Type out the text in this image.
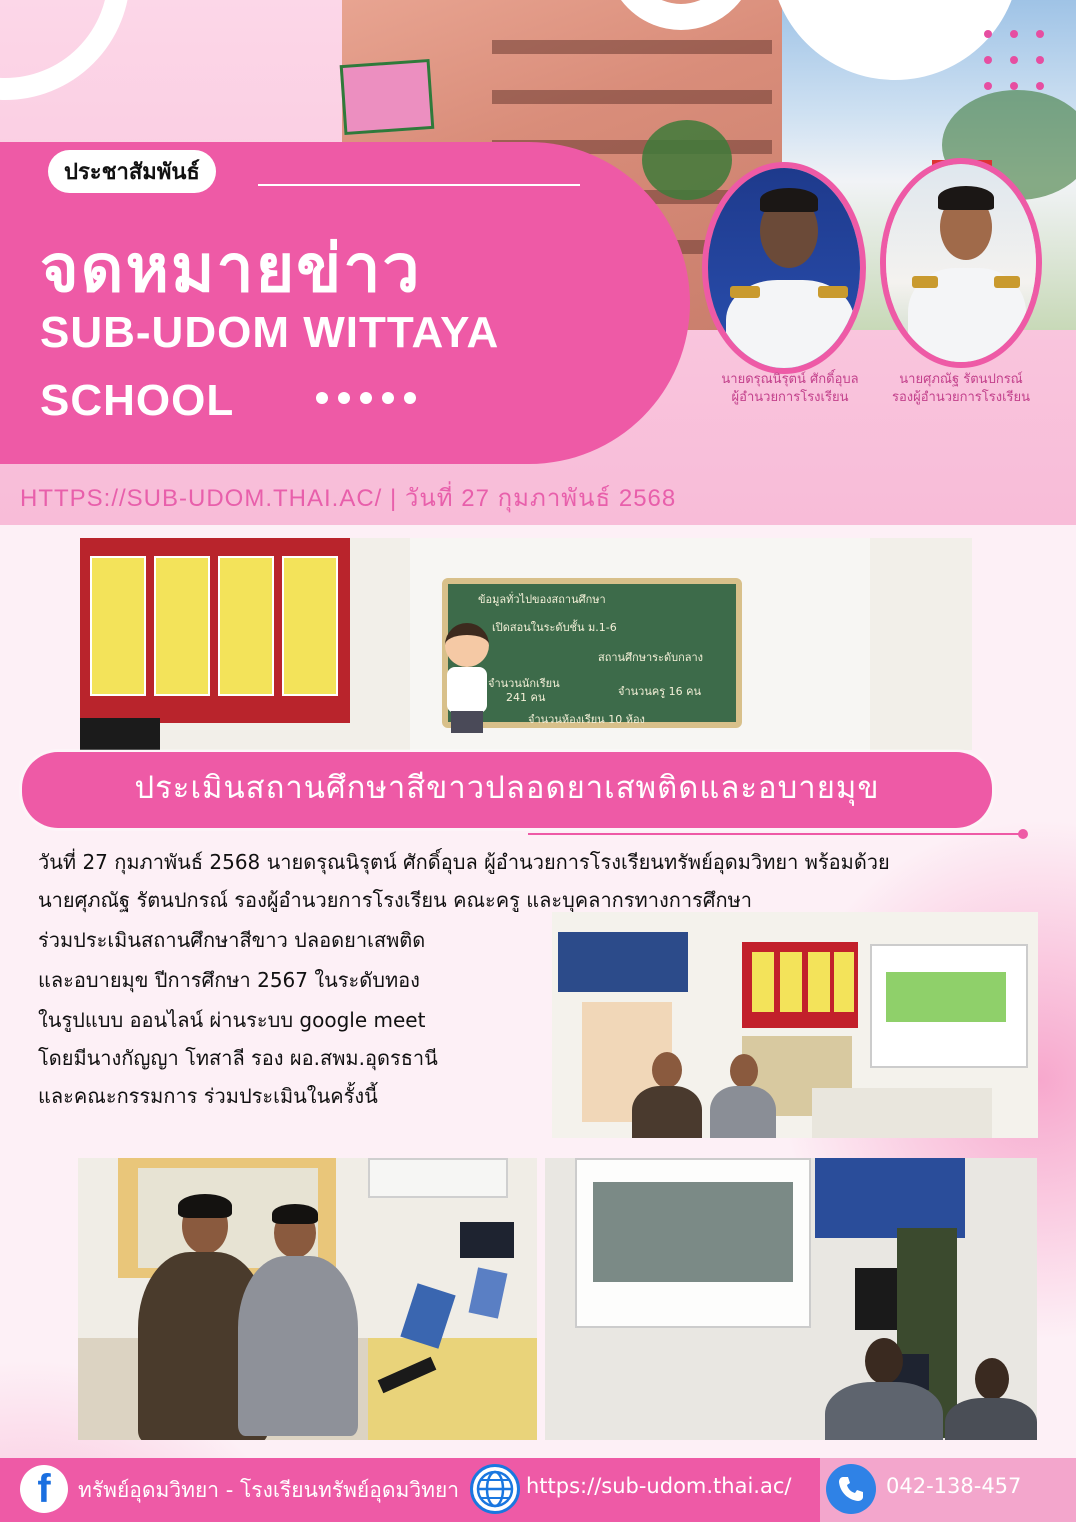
ประชาสัมพันธ์
จดหมายข่าว
SUB-UDOM WITTAYA
SCHOOL	นายดรุณนิรุตน์ ศักดิ์อุบล
ผู้อำนวยการโรงเรียน
นายศุภณัฐ รัตนปกรณ์
รองผู้อำนวยการโรงเรียน
HTTPS://SUB-UDOM.THAI.AC/ | วันที่ 27 กุมภาพันธ์ 2568
ข้อมูลทั่วไปของสถานศึกษา
เปิดสอนในระดับชั้น ม.1-6
สถานศึกษาระดับกลาง
จำนวนนักเรียน
241 คน	จำนวนครู 16 คน
จำนวนห้องเรียน 10 ห้อง
ประเมินสถานศึกษาสีขาวปลอดยาเสพติดและอบายมุข
วันที่ 27 กุมภาพันธ์ 2568 นายดรุณนิรุตน์ ศักดิ์อุบล ผู้อำนวยการโรงเรียนทรัพย์อุดมวิทยา พร้อมด้วย
นายศุภณัฐ รัตนปกรณ์ รองผู้อำนวยการโรงเรียน คณะครู และบุคลากรทางการศึกษา
ร่วมประเมินสถานศึกษาสีขาว ปลอดยาเสพติด
และอบายมุข ปีการศึกษา 2567 ในระดับทอง
ในรูปแบบ ออนไลน์ ผ่านระบบ google meet
โดยมีนางกัญญา โทสาลี รอง ผอ.สพม.อุดรธานี
และคณะกรรมการ ร่วมประเมินในครั้งนี้
f	ทรัพย์อุดมวิทยา - โรงเรียนทรัพย์อุดมวิทยา	https://sub-udom.thai.ac/	042-138-457
